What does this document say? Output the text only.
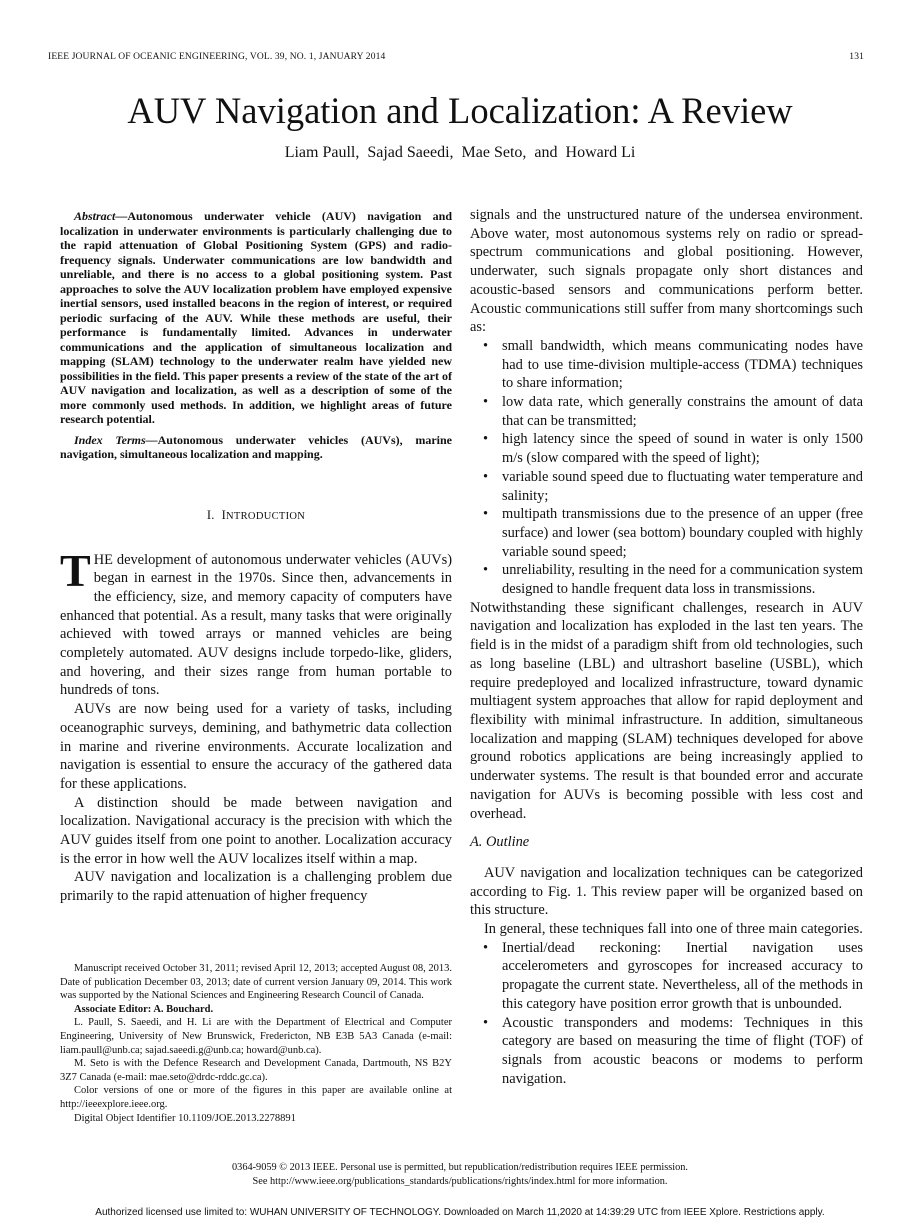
IEEE JOURNAL OF OCEANIC ENGINEERING, VOL. 39, NO. 1, JANUARY 2014	131
AUV Navigation and Localization: A Review
Liam Paull, Sajad Saeedi, Mae Seto, and Howard Li

Abstract—Autonomous underwater vehicle (AUV) navigation and localization in underwater environments is particularly challenging due to the rapid attenuation of Global Positioning System (GPS) and radio-frequency signals. Underwater communications are low bandwidth and unreliable, and there is no access to a global positioning system. Past approaches to solve the AUV localization problem have employed expensive inertial sensors, used installed beacons in the region of interest, or required periodic surfacing of the AUV. While these methods are useful, their performance is fundamentally limited. Advances in underwater communications and the application of simultaneous localization and mapping (SLAM) technology to the underwater realm have yielded new possibilities in the field. This paper presents a review of the state of the art of AUV navigation and localization, as well as a description of some of the more commonly used methods. In addition, we highlight areas of future research potential.

Index Terms—Autonomous underwater vehicles (AUVs), marine navigation, simultaneous localization and mapping.

I. INTRODUCTION

THE development of autonomous underwater vehicles (AUVs) began in earnest in the 1970s. Since then, advancements in the efficiency, size, and memory capacity of computers have enhanced that potential. As a result, many tasks that were originally achieved with towed arrays or manned vehicles are being completely automated. AUV designs include torpedo-like, gliders, and hovering, and their sizes range from human portable to hundreds of tons.

AUVs are now being used for a variety of tasks, including oceanographic surveys, demining, and bathymetric data collection in marine and riverine environments. Accurate localization and navigation is essential to ensure the accuracy of the gathered data for these applications.

A distinction should be made between navigation and localization. Navigational accuracy is the precision with which the AUV guides itself from one point to another. Localization accuracy is the error in how well the AUV localizes itself within a map.

AUV navigation and localization is a challenging problem due primarily to the rapid attenuation of higher frequency

Manuscript received October 31, 2011; revised April 12, 2013; accepted August 08, 2013. Date of publication December 03, 2013; date of current version January 09, 2014. This work was supported by the National Sciences and Engineering Research Council of Canada.

Associate Editor: A. Bouchard.

L. Paull, S. Saeedi, and H. Li are with the Department of Electrical and Computer Engineering, University of New Brunswick, Fredericton, NB E3B 5A3 Canada (e-mail: liam.paull@unb.ca; sajad.saeedi.g@unb.ca; howard@unb.ca).

M. Seto is with the Defence Research and Development Canada, Dartmouth, NS B2Y 3Z7 Canada (e-mail: mae.seto@drdc-rddc.gc.ca).

Color versions of one or more of the figures in this paper are available online at http://ieeexplore.ieee.org.

Digital Object Identifier 10.1109/JOE.2013.2278891

signals and the unstructured nature of the undersea environment. Above water, most autonomous systems rely on radio or spread-spectrum communications and global positioning. However, underwater, such signals propagate only short distances and acoustic-based sensors and communications perform better. Acoustic communications still suffer from many shortcomings such as:

• small bandwidth, which means communicating nodes have had to use time-division multiple-access (TDMA) techniques to share information;
• low data rate, which generally constrains the amount of data that can be transmitted;
• high latency since the speed of sound in water is only 1500 m/s (slow compared with the speed of light);
• variable sound speed due to fluctuating water temperature and salinity;
• multipath transmissions due to the presence of an upper (free surface) and lower (sea bottom) boundary coupled with highly variable sound speed;
• unreliability, resulting in the need for a communication system designed to handle frequent data loss in transmissions.

Notwithstanding these significant challenges, research in AUV navigation and localization has exploded in the last ten years. The field is in the midst of a paradigm shift from old technologies, such as long baseline (LBL) and ultrashort baseline (USBL), which require predeployed and localized infrastructure, toward dynamic multiagent system approaches that allow for rapid deployment and flexibility with minimal infrastructure. In addition, simultaneous localization and mapping (SLAM) techniques developed for above ground robotics applications are being increasingly applied to underwater systems. The result is that bounded error and accurate navigation for AUVs is becoming possible with less cost and overhead.

A. Outline

AUV navigation and localization techniques can be categorized according to Fig. 1. This review paper will be organized based on this structure.

In general, these techniques fall into one of three main categories.

• Inertial/dead reckoning: Inertial navigation uses accelerometers and gyroscopes for increased accuracy to propagate the current state. Nevertheless, all of the methods in this category have position error growth that is unbounded.
• Acoustic transponders and modems: Techniques in this category are based on measuring the time of flight (TOF) of signals from acoustic beacons or modems to perform navigation.
0364-9059 © 2013 IEEE. Personal use is permitted, but republication/redistribution requires IEEE permission.
See http://www.ieee.org/publications_standards/publications/rights/index.html for more information.
Authorized licensed use limited to: WUHAN UNIVERSITY OF TECHNOLOGY. Downloaded on March 11,2020 at 14:39:29 UTC from IEEE Xplore. Restrictions apply.
